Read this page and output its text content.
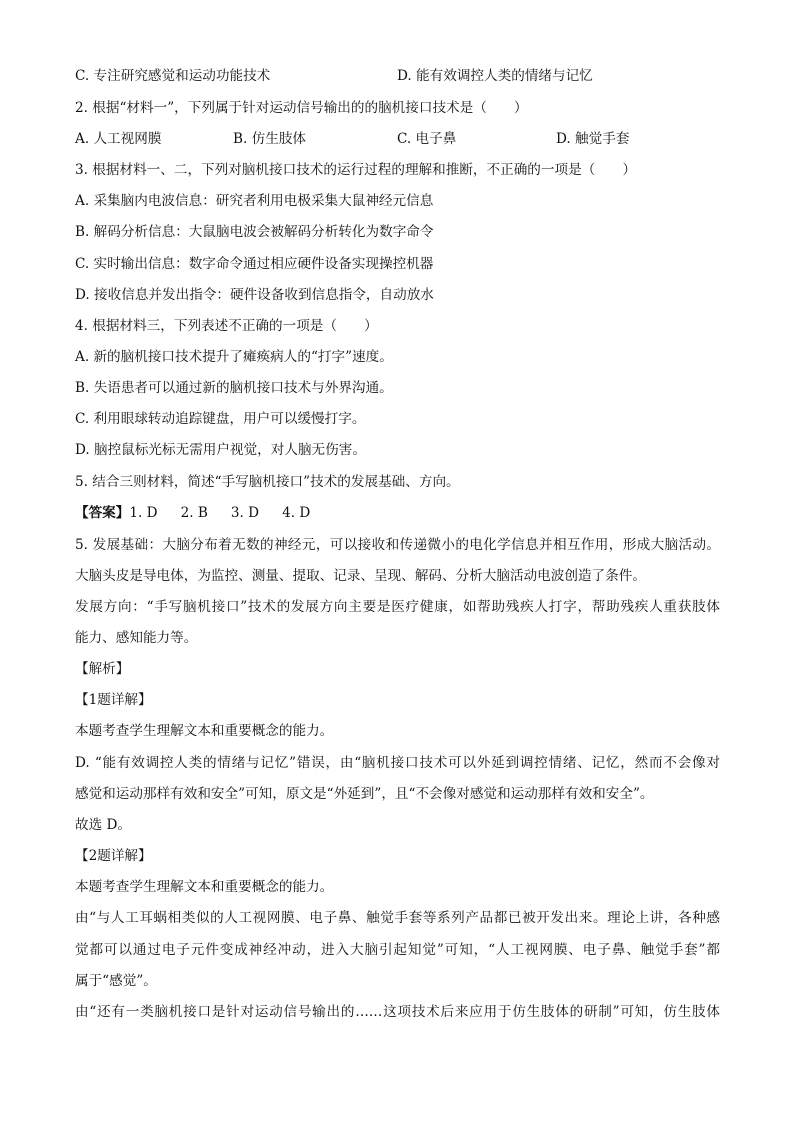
C. 专注研究感觉和运动功能技术	D. 能有效调控人类的情绪与记忆
2. 根据“材料一”，下列属于针对运动信号输出的的脑机接口技术是（　　）
A. 人工视网膜	B. 仿生肢体	C. 电子鼻	D. 触觉手套
3. 根据材料一、二，下列对脑机接口技术的运行过程的理解和推断，不正确的一项是（　　）
A. 采集脑内电波信息：研究者利用电极采集大鼠神经元信息
B. 解码分析信息：大鼠脑电波会被解码分析转化为数字命令
C. 实时输出信息：数字命令通过相应硬件设备实现操控机器
D. 接收信息并发出指令：硬件设备收到信息指令，自动放水
4. 根据材料三，下列表述不正确的一项是（　　）
A. 新的脑机接口技术提升了瘫痪病人的“打字”速度。
B. 失语患者可以通过新的脑机接口技术与外界沟通。
C. 利用眼球转动追踪键盘，用户可以缓慢打字。
D. 脑控鼠标光标无需用户视觉，对人脑无伤害。
5. 结合三则材料，简述“手写脑机接口”技术的发展基础、方向。
【答案】1. D 2. B 3. D 4. D
5. 发展基础：大脑分布着无数的神经元，可以接收和传递微小的电化学信息并相互作用，形成大脑活动。
大脑头皮是导电体，为监控、测量、提取、记录、呈现、解码、分析大脑活动电波创造了条件。
发展方向：“手写脑机接口”技术的发展方向主要是医疗健康，如帮助残疾人打字，帮助残疾人重获肢体
能力、感知能力等。
【解析】
【1题详解】
本题考查学生理解文本和重要概念的能力。
D. “能有效调控人类的情绪与记忆”错误，由“脑机接口技术可以外延到调控情绪、记忆，然而不会像对
感觉和运动那样有效和安全”可知，原文是“外延到”，且“不会像对感觉和运动那样有效和安全”。
故选 D。
【2题详解】
本题考查学生理解文本和重要概念的能力。
由“与人工耳蜗相类似的人工视网膜、电子鼻、触觉手套等系列产品都已被开发出来。理论上讲，各种感
觉都可以通过电子元件变成神经冲动，进入大脑引起知觉”可知，“人工视网膜、电子鼻、触觉手套”都
属于“感觉”。
由“还有一类脑机接口是针对运动信号输出的……这项技术后来应用于仿生肢体的研制”可知，仿生肢体
